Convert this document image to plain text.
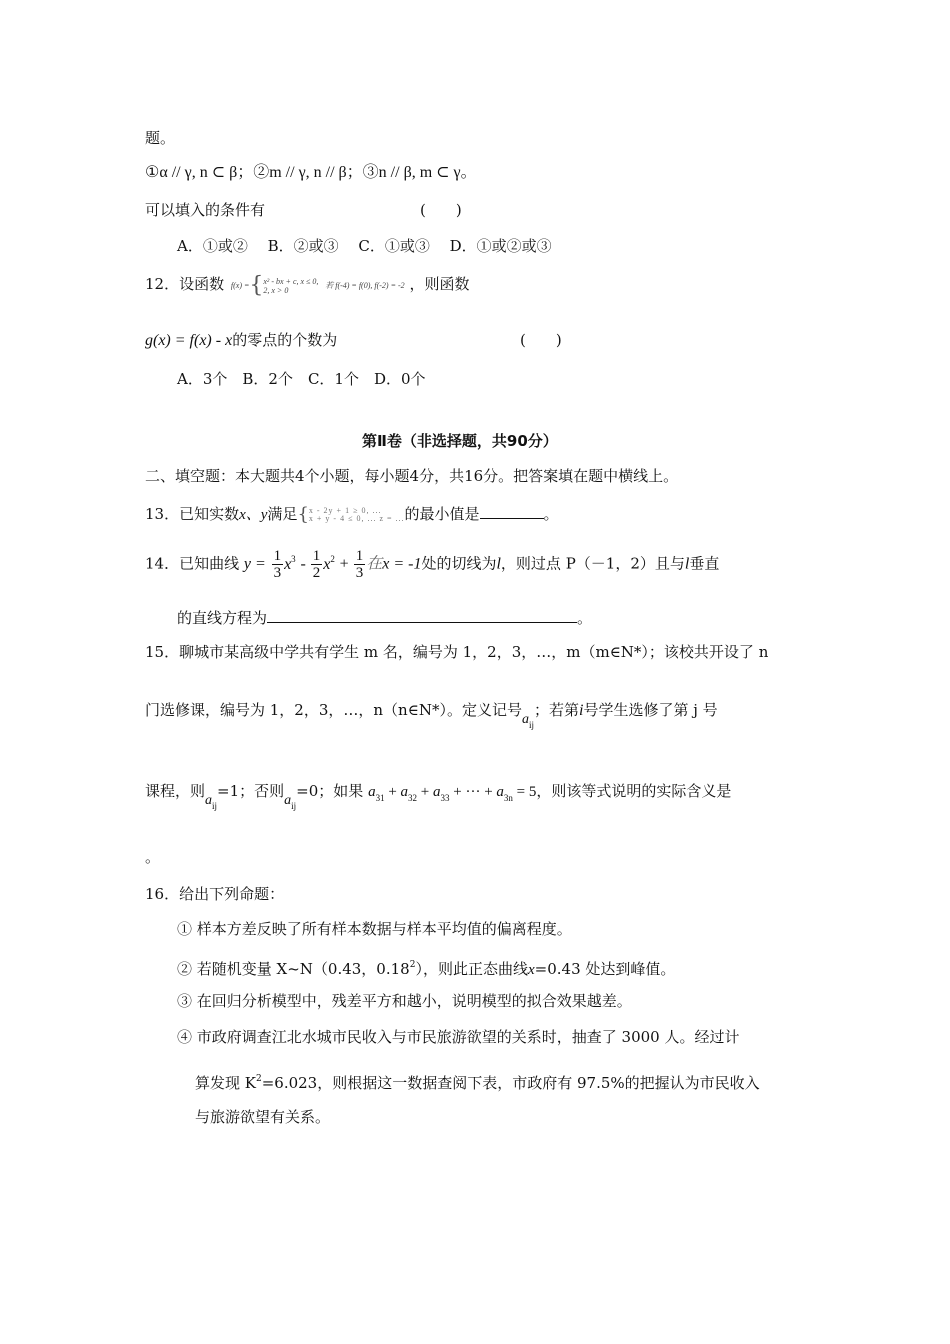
题。
①α // γ, n ⊂ β；②m // γ, n // β；③n // β, m ⊂ γ。
可以填入的条件有	(　　)
A．①或②　 B．②或③　 C．①或③　 D．①或②或③
12．设函数 f(x) ={ x² - bx + c, x ≤ 0,
2, x > 0	若 f(-4) = f(0), f(-2) = -2 ，则函数
g(x) = f(x) - x的零点的个数为	(　　)
A．3个　B．2个　C．1个　D．0个
第Ⅱ卷（非选择题，共90分）
二、填空题：本大题共4个小题，每小题4分，共16分。把答案填在题中横线上。
13．已知实数x、y满足{x - 2y + 1 ≥ 0, ...
x + y - 4 ≤ 0, ... z = ...的最小值是	。
14．已知曲线 $y = \frac{1}{3} x^3 - \frac{1}{2} x^2 + \frac{1}{3}$ 在x = -1处的切线为l，则过点 P（－1，2）且与l垂直
的直线方程为	。
15．聊城市某高级中学共有学生 m 名，编号为 1，2，3，…，m（m∈N*）；该校共开设了 n
门选修课，编号为 1，2，3，…，n（n∈N*）。定义记号$a_{ij}$；若第i号学生选修了第 j 号
课程，则$a_{ij}=1$；否则$a_{ij}=0$；如果 $a_{31} + a_{32} + a_{33}$ + ··· + $a_{3n} = 5$，则该等式说明的实际含义是
。
16．给出下列命题：
① 样本方差反映了所有样本数据与样本平均值的偏离程度。
② 若随机变量 X~N（0.43，0.18$^2$），则此正态曲线x=0.43 处达到峰值。
③ 在回归分析模型中，残差平方和越小，说明模型的拟合效果越差。
④ 市政府调查江北水城市民收入与市民旅游欲望的关系时，抽查了 3000 人。经过计
算发现 $K^2=6.023$，则根据这一数据查阅下表，市政府有 97.5%的把握认为市民收入
与旅游欲望有关系。
